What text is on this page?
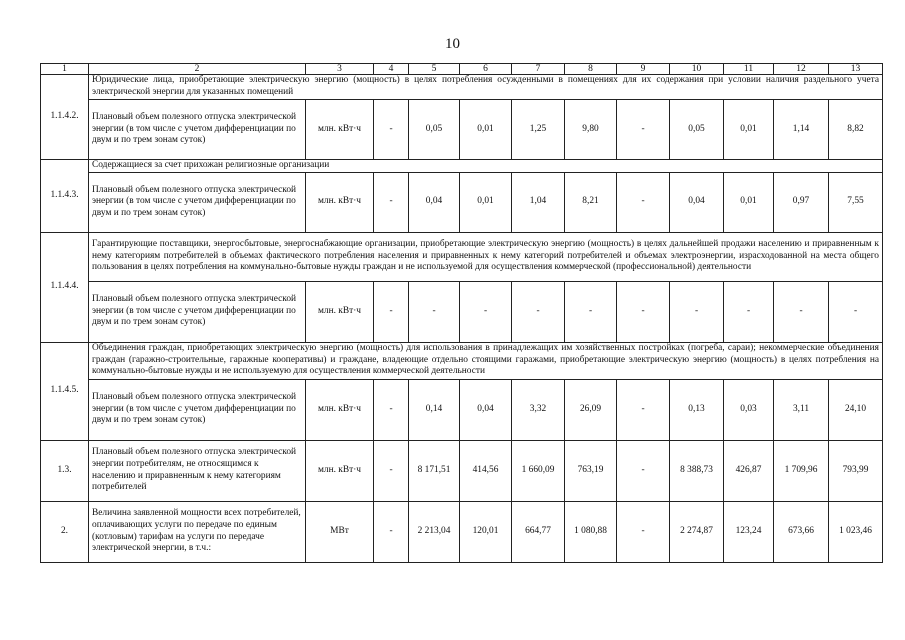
10
1	2	3	4	5	6	7	8	9	10	11	12	13
1.1.4.2.	Юридические лица, приобретающие электрическую энергию (мощность) в целях потребления осужденными в помещениях для их содержания при условии наличия раздельного учета электрической энергии для указанных помещений											
	Плановый объем полезного отпуска электрической энергии (в том числе с учетом дифференциации по двум и по трем зонам суток)	млн. кВт·ч	-	0,05	0,01	1,25	9,80	-	0,05	0,01	1,14	8,82
1.1.4.3.	Содержащиеся за счет прихожан религиозные организации											
	Плановый объем полезного отпуска электрической энергии (в том числе с учетом дифференциации по двум и по трем зонам суток)	млн. кВт·ч	-	0,04	0,01	1,04	8,21	-	0,04	0,01	0,97	7,55
1.1.4.4.	Гарантирующие поставщики, энергосбытовые, энергоснабжающие организации, приобретающие электрическую энергию (мощность) в целях дальнейшей продажи населению и приравненным к нему категориям потребителей в объемах фактического потребления населения и приравненных к нему категорий потребителей и объемах электроэнергии, израсходованной на места общего пользования в целях потребления на коммунально-бытовые нужды граждан и не используемой для осуществления коммерческой (профессиональной) деятельности											
	Плановый объем полезного отпуска электрической энергии (в том числе с учетом дифференциации по двум и по трем зонам суток)	млн. кВт·ч	-	-	-	-	-	-	-	-	-	-
1.1.4.5.	Объединения граждан, приобретающих электрическую энергию (мощность) для использования в принадлежащих им хозяйственных постройках (погреба, сараи); некоммерческие объединения граждан (гаражно-строительные, гаражные кооперативы) и граждане, владеющие отдельно стоящими гаражами, приобретающие электрическую энергию (мощность) в целях потребления на коммунально-бытовые нужды и не используемую для осуществления коммерческой деятельности											
	Плановый объем полезного отпуска электрической энергии (в том числе с учетом дифференциации по двум и по трем зонам суток)	млн. кВт·ч	-	0,14	0,04	3,32	26,09	-	0,13	0,03	3,11	24,10
1.3.	Плановый объем полезного отпуска электрической энергии потребителям, не относящимся к населению и приравненным к нему категориям потребителей	млн. кВт·ч	-	8 171,51	414,56	1 660,09	763,19	-	8 388,73	426,87	1 709,96	793,99
2.	Величина заявленной мощности всех потребителей, оплачивающих услуги по передаче по единым (котловым) тарифам на услуги по передаче электрической энергии, в т.ч.:	МВт	-	2 213,04	120,01	664,77	1 080,88	-	2 274,87	123,24	673,66	1 023,46
